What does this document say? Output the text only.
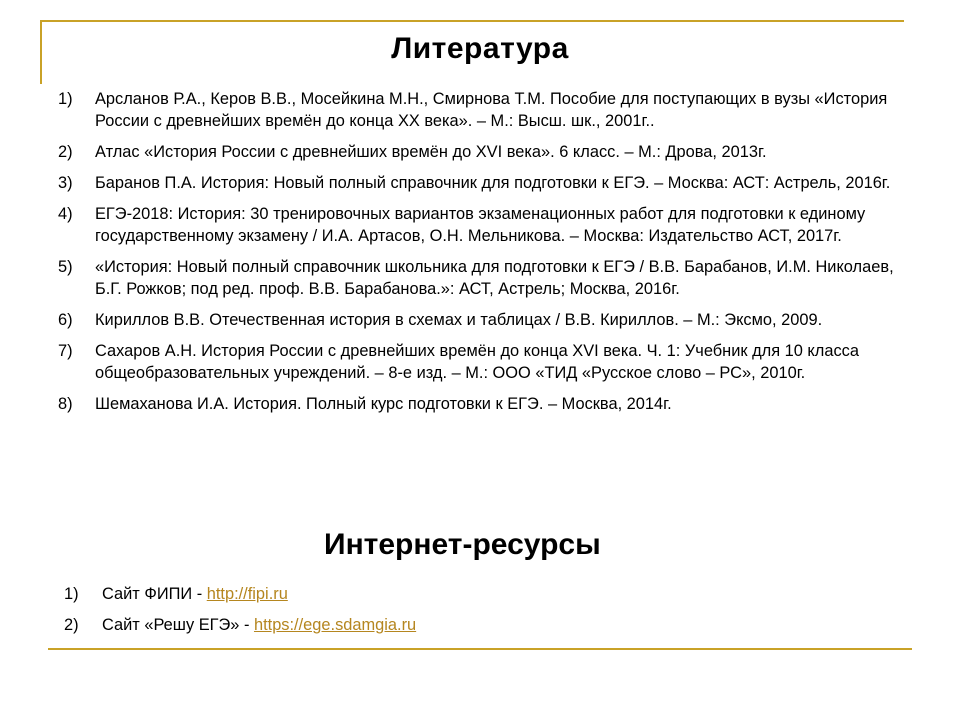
Литература
1) Арсланов Р.А., Керов В.В., Мосейкина М.Н., Смирнова Т.М. Пособие для поступающих в вузы «История России с древнейших времён до конца XX века». – М.: Высш. шк., 2001г..
2) Атлас «История России с древнейших времён до XVI века». 6 класс. – М.: Дрова, 2013г.
3) Баранов П.А. История: Новый полный справочник для подготовки к ЕГЭ. – Москва: АСТ: Астрель, 2016г.
4) ЕГЭ-2018: История: 30 тренировочных вариантов экзаменационных работ для подготовки к единому государственному экзамену / И.А. Артасов, О.Н. Мельникова. – Москва: Издательство АСТ, 2017г.
5) «История: Новый полный справочник школьника для подготовки к ЕГЭ / В.В. Барабанов, И.М. Николаев, Б.Г. Рожков; под ред. проф. В.В. Барабанова.»: АСТ, Астрель; Москва, 2016г.
6) Кириллов В.В. Отечественная история в схемах и таблицах / В.В. Кириллов. – М.: Эксмо, 2009.
7) Сахаров А.Н. История России с древнейших времён до конца XVI века. Ч. 1: Учебник для 10 класса общеобразовательных учреждений. – 8-е изд. – М.: ООО «ТИД «Русское слово – РС», 2010г.
8) Шемаханова И.А. История. Полный курс подготовки к ЕГЭ. – Москва, 2014г.
Интернет-ресурсы
1) Сайт ФИПИ - http://fipi.ru
2) Сайт «Решу ЕГЭ» - https://ege.sdamgia.ru
